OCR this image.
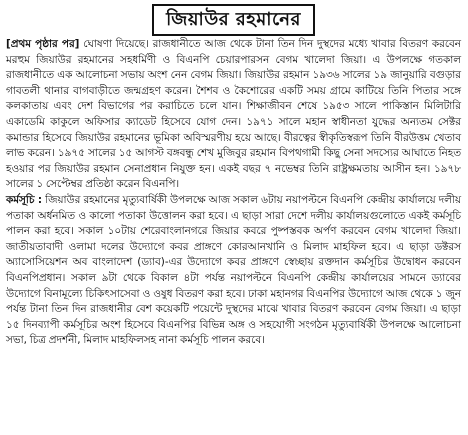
জিয়াউর রহমানের

[প্রথম পৃষ্ঠার পর] ঘোষণা দিয়েছে। রাজধানীতে আজ থেকে টানা তিন দিন দুস্থদের মধ্যে খাবার বিতরণ করবেন মরহুম জিয়াউর রহমানের সহধর্মিণী ও বিএনপি চেয়ারপারসন বেগম খালেদা জিয়া। এ উপলক্ষে গতকাল রাজধানীতে এক আলোচনা সভায় অংশ নেন বেগম জিয়া। জিয়াউর রহমান ১৯৩৬ সালের ১৯ জানুয়ারি বগুড়ার গাবতলী থানার বাগবাড়ীতে জন্মগ্রহণ করেন। শৈশব ও কৈশোরের একটি সময় গ্রামে কাটিয়ে তিনি পিতার সঙ্গে কলকাতায় এবং দেশ বিভাগের পর করাচিতে চলে যান। শিক্ষাজীবন শেষে ১৯৫৩ সালে পাকিস্তান মিলিটারি একাডেমি কাকুলে অফিসার ক্যাডেট হিসেবে যোগ দেন। ১৯৭১ সালে মহান স্বাধীনতা যুদ্ধের অন্যতম সেক্টর কমান্ডার হিসেবে জিয়াউর রহমানের ভূমিকা অবিস্মরণীয় হয়ে আছে। বীরত্বের স্বীকৃতিস্বরূপ তিনি বীরউত্তম খেতাব লাভ করেন। ১৯৭৫ সালের ১৫ আগস্ট বঙ্গবন্ধু শেখ মুজিবুর রহমান বিপথগামী কিছু সেনা সদস্যের আঘাতে নিহত হওয়ার পর জিয়াউর রহমান সেনাপ্রধান নিযুক্ত হন। একই বছর ৭ নভেম্বর তিনি রাষ্ট্রক্ষমতায় আসীন হন। ১৯৭৮ সালের ১ সেপ্টেম্বর প্রতিষ্ঠা করেন বিএনপি।

কর্মসূচি : জিয়াউর রহমানের মৃত্যুবার্ষিকী উপলক্ষে আজ সকাল ৬টায় নয়াপল্টনে বিএনপি কেন্দ্রীয় কার্যালয়ে দলীয় পতাকা অর্ধনমিত ও কালো পতাকা উত্তোলন করা হবে। এ ছাড়া সারা দেশে দলীয় কার্যালয়গুলোতে একই কর্মসূচি পালন করা হবে। সকাল ১০টায় শেরেবাংলানগরে জিয়ার কবরে পুষ্পস্তবক অর্পণ করবেন বেগম খালেদা জিয়া। জাতীয়তাবাদী ওলামা দলের উদ্যোগে কবর প্রাঙ্গণে কোরআনখানি ও মিলাদ মাহফিল হবে। এ ছাড়া ডক্টরস অ্যাসোসিয়েশন অব বাংলাদেশ (ড্যাব)-এর উদ্যোগে কবর প্রাঙ্গণে স্বেচ্ছায় রক্তদান কর্মসূচির উদ্বোধন করবেন বিএনপিপ্রধান। সকাল ৯টা থেকে বিকাল ৪টা পর্যন্ত নয়াপল্টনে বিএনপি কেন্দ্রীয় কার্যালয়ের সামনে ড্যাবের উদ্যোগে বিনামূল্যে চিকিৎসাসেবা ও ওষুধ বিতরণ করা হবে। ঢাকা মহানগর বিএনপির উদ্যোগে আজ থেকে ১ জুন পর্যন্ত টানা তিন দিন রাজধানীর বেশ কয়েকটি পয়েন্টে দুস্থদের মাঝে খাবার বিতরণ করবেন বেগম জিয়া। এ ছাড়া ১৫ দিনব্যাপী কর্মসূচির অংশ হিসেবে বিএনপির বিভিন্ন অঙ্গ ও সহযোগী সংগঠন মৃত্যুবার্ষিকী উপলক্ষে আলোচনা সভা, চিত্র প্রদর্শনী, মিলাদ মাহফিলসহ নানা কর্মসূচি পালন করবে।
